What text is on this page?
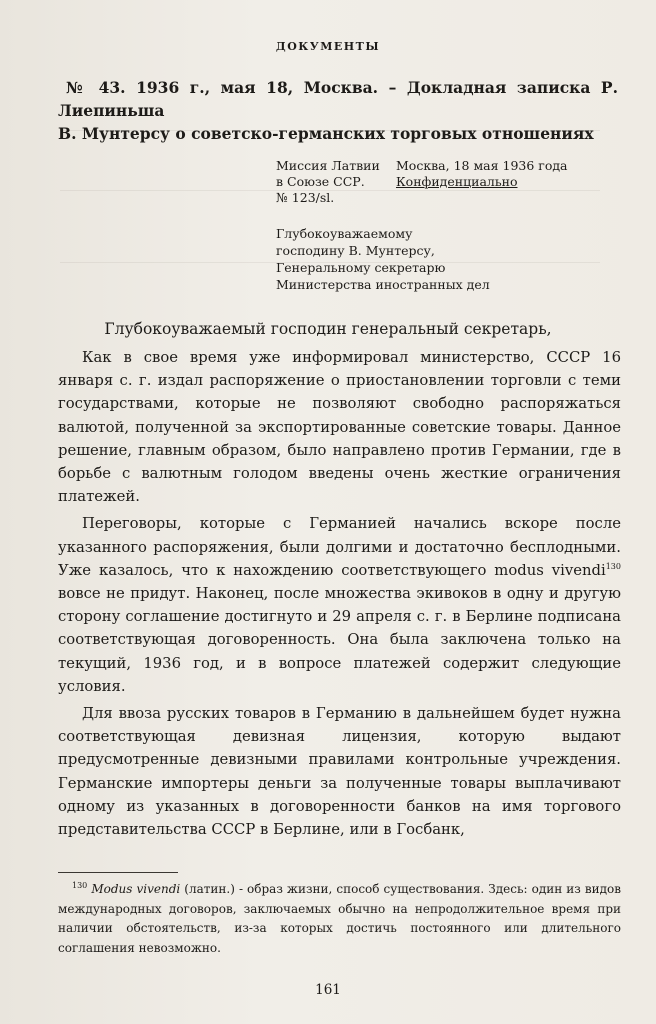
ДОКУМЕНТЫ
№ 43. 1936 г., мая 18, Москва. – Докладная записка Р. Лиепиньша
В. Мунтерсу о советско-германских торговых отношениях
Миссия Латвии
в Союзе ССР.
№ 123/sl.
Москва, 18 мая 1936 года
Конфиденциально
Глубокоуважаемому
господину В. Мунтерсу,
Генеральному секретарю
Министерства иностранных дел
Глубокоуважаемый господин генеральный секретарь,

Как в свое время уже информировал министерство, СССР 16 января с. г. издал распоряжение о приостановлении торговли с теми государствами, которые не позволяют свободно распоряжаться валютой, полученной за экспортированные советские товары. Данное решение, главным образом, было направлено против Германии, где в борьбе с валютным голодом введены очень жесткие ограничения платежей.

Переговоры, которые с Германией начались вскоре после указанного распоряжения, были долгими и достаточно бесплодными. Уже казалось, что к нахождению соответствующего modus vivendi$^{130}$ вовсе не придут. Наконец, после множества экивоков в одну и другую сторону соглашение достигнуто и 29 апреля с. г. в Берлине подписана соответствующая договоренность. Она была заключена только на текущий, 1936 год, и в вопросе платежей содержит следующие условия.

Для ввоза русских товаров в Германию в дальнейшем будет нужна соответствующая девизная лицензия, которую выдают предусмотренные девизными правилами контрольные учреждения. Германские импортеры деньги за полученные товары выплачивают одному из указанных в договоренности банков на имя торгового представительства СССР в Берлине, или в Госбанк,

$^{130}$ Modus vivendi (латин.) - образ жизни, способ существования. Здесь: один из видов международных договоров, заключаемых обычно на непродолжительное время при наличии обстоятельств, из-за которых достичь постоянного или длительного соглашения невозможно.
161
